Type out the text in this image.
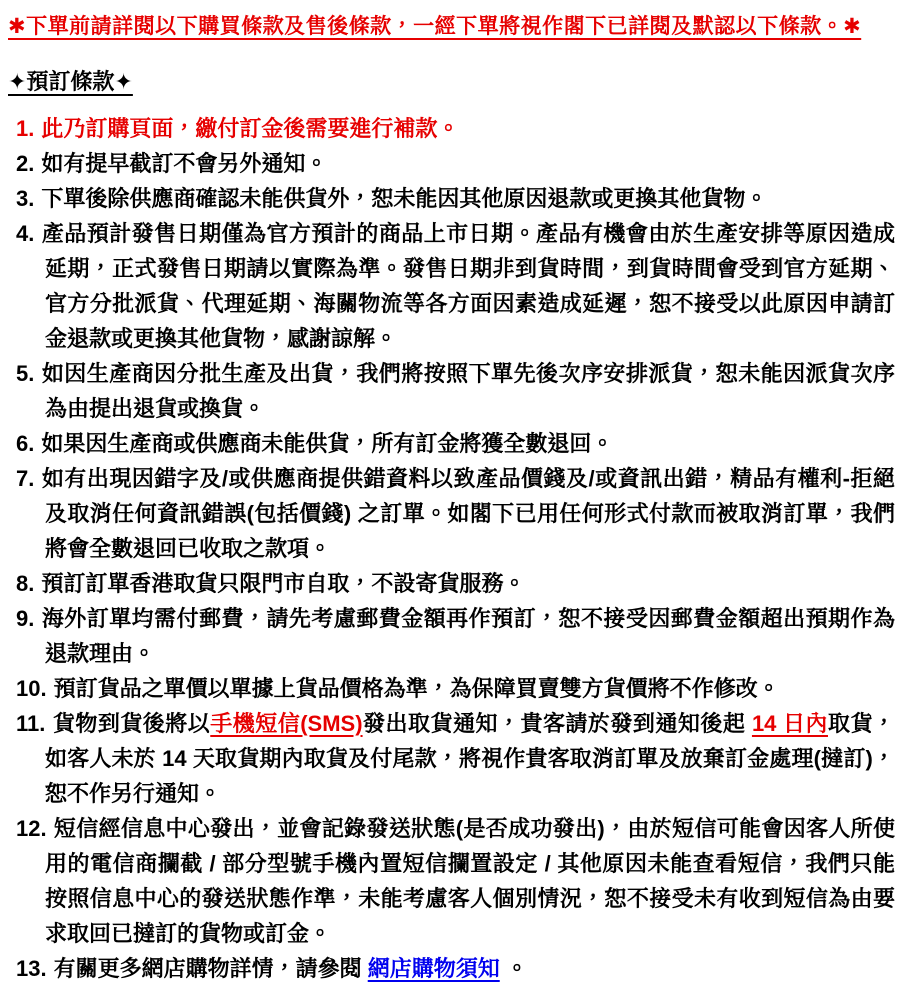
✱下單前請詳閱以下購買條款及售後條款，一經下單將視作閣下已詳閱及默認以下條款。✱

✦預訂條款✦

1. 此乃訂購頁面，繳付訂金後需要進行補款。

2. 如有提早截訂不會另外通知。

3. 下單後除供應商確認未能供貨外，恕未能因其他原因退款或更換其他貨物。

4. 產品預計發售日期僅為官方預計的商品上市日期。產品有機會由於生產安排等原因造成延期，正式發售日期請以實際為準。發售日期非到貨時間，到貨時間會受到官方延期、官方分批派貨、代理延期、海關物流等各方面因素造成延遲，恕不接受以此原因申請訂金退款或更換其他貨物，感謝諒解。

5. 如因生產商因分批生產及出貨，我們將按照下單先後次序安排派貨，恕未能因派貨次序為由提出退貨或換貨。

6. 如果因生產商或供應商未能供貨，所有訂金將獲全數退回。

7. 如有出現因錯字及/或供應商提供錯資料以致產品價錢及/或資訊出錯，精品有權利-拒絕及取消任何資訊錯誤(包括價錢) 之訂單。如閣下已用任何形式付款而被取消訂單，我們將會全數退回已收取之款項。

8. 預訂訂單香港取貨只限門市自取，不設寄貨服務。

9. 海外訂單均需付郵費，請先考慮郵費金額再作預訂，恕不接受因郵費金額超出預期作為退款理由。

10. 預訂貨品之單價以單據上貨品價格為準，為保障買賣雙方貨價將不作修改。

11. 貨物到貨後將以手機短信(SMS)發出取貨通知，貴客請於發到通知後起 14 日內取貨，如客人未於 14 天取貨期內取貨及付尾款，將視作貴客取消訂單及放棄訂金處理(撻訂)，恕不作另行通知。

12. 短信經信息中心發出，並會記錄發送狀態(是否成功發出)，由於短信可能會因客人所使用的電信商攔截 / 部分型號手機內置短信攔置設定 / 其他原因未能查看短信，我們只能按照信息中心的發送狀態作準，未能考慮客人個別情況，恕不接受未有收到短信為由要求取回已撻訂的貨物或訂金。

13. 有關更多網店購物詳情，請參閱 網店購物須知 。
